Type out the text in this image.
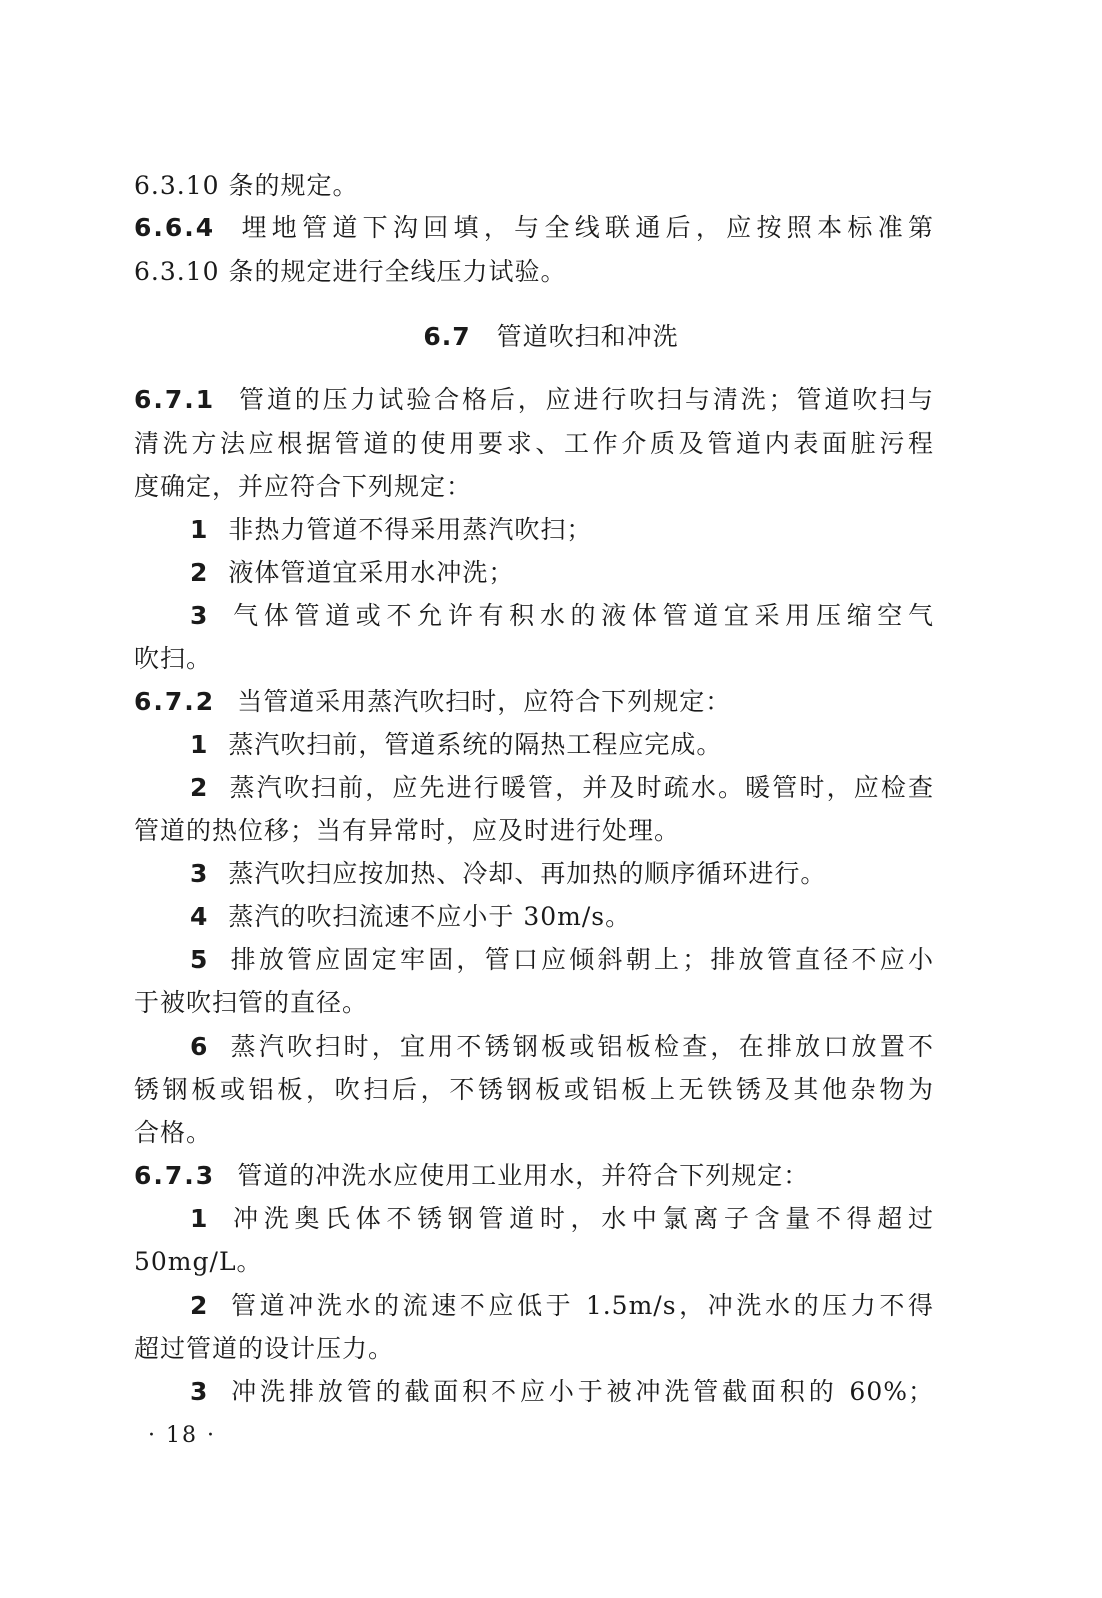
6.3.10 条的规定。
6.6.4 埋地管道下沟回填，与全线联通后，应按照本标准第
6.3.10 条的规定进行全线压力试验。
6.7 管道吹扫和冲洗
6.7.1 管道的压力试验合格后，应进行吹扫与清洗；管道吹扫与
清洗方法应根据管道的使用要求、工作介质及管道内表面脏污程
度确定，并应符合下列规定：
1 非热力管道不得采用蒸汽吹扫；
2 液体管道宜采用水冲洗；
3 气体管道或不允许有积水的液体管道宜采用压缩空气
吹扫。
6.7.2 当管道采用蒸汽吹扫时，应符合下列规定：
1 蒸汽吹扫前，管道系统的隔热工程应完成。
2 蒸汽吹扫前，应先进行暖管，并及时疏水。暖管时，应检查
管道的热位移；当有异常时，应及时进行处理。
3 蒸汽吹扫应按加热、冷却、再加热的顺序循环进行。
4 蒸汽的吹扫流速不应小于 30m/s。
5 排放管应固定牢固，管口应倾斜朝上；排放管直径不应小
于被吹扫管的直径。
6 蒸汽吹扫时，宜用不锈钢板或铝板检查，在排放口放置不
锈钢板或铝板，吹扫后，不锈钢板或铝板上无铁锈及其他杂物为
合格。
6.7.3 管道的冲洗水应使用工业用水，并符合下列规定：
1 冲洗奥氏体不锈钢管道时，水中氯离子含量不得超过
50mg/L。
2 管道冲洗水的流速不应低于 1.5m/s，冲洗水的压力不得
超过管道的设计压力。
3 冲洗排放管的截面积不应小于被冲洗管截面积的 60%；
· 18 ·
